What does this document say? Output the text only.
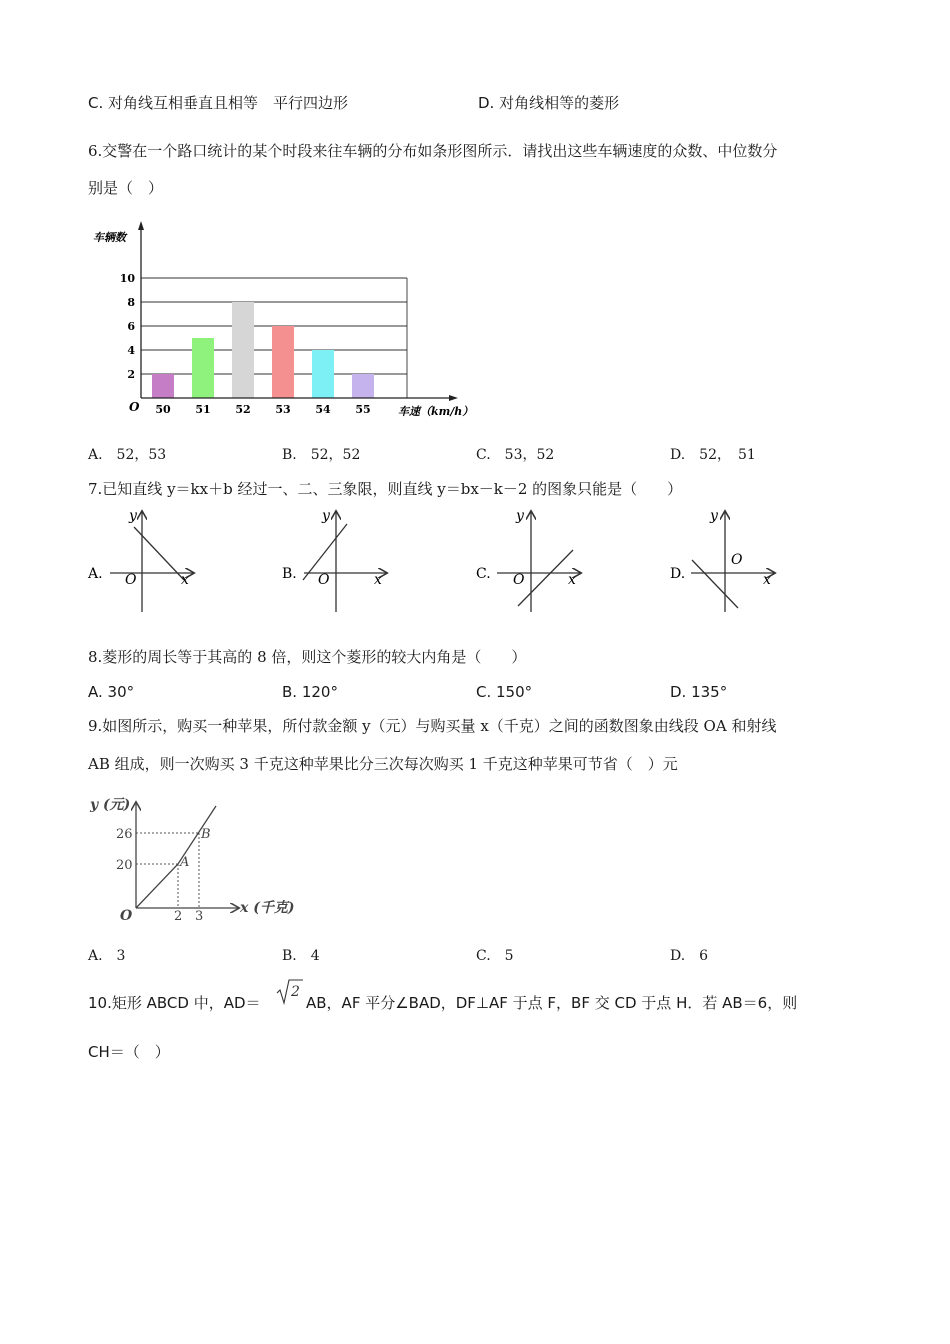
C. 对角线互相垂直且相等　平行四边形	D. 对角线相等的菱形
6.交警在一个路口统计的某个时段来往车辆的分布如条形图所示．请找出这些车辆速度的众数、中位数分
别是（　）
50 51 52 53 54 55
2
4
6
8
10
车辆数
车速（km/h）
O
A.　52，53	B.　52，52	C.　53，52	D.　52，　51
7.已知直线 y＝kx＋b 经过一、二、三象限，则直线 y＝bx－k－2 的图象只能是（　　）
A.
y
x
O	B.
y
x
O	C.
y
x
O	D.
y
x
O
8.菱形的周长等于其高的 8 倍，则这个菱形的较大内角是（　　）
A. 30°	B. 120°	C. 150°	D. 135°
9.如图所示，购买一种苹果，所付款金额 y（元）与购买量 x（千克）之间的函数图象由线段 OA 和射线
AB 组成，则一次购买 3 千克这种苹果比分三次每次购买 1 千克这种苹果可节省（　）元
y (元)
x (千克)
O
A
B
26
20
2 3
A.　3	B.　4	C.　5	D.　6
10.矩形 ABCD 中，AD＝
2
AB，AF 平分∠BAD，DF⊥AF 于点 F，BF 交 CD 于点 H．若 AB＝6，则
CH＝（　）
